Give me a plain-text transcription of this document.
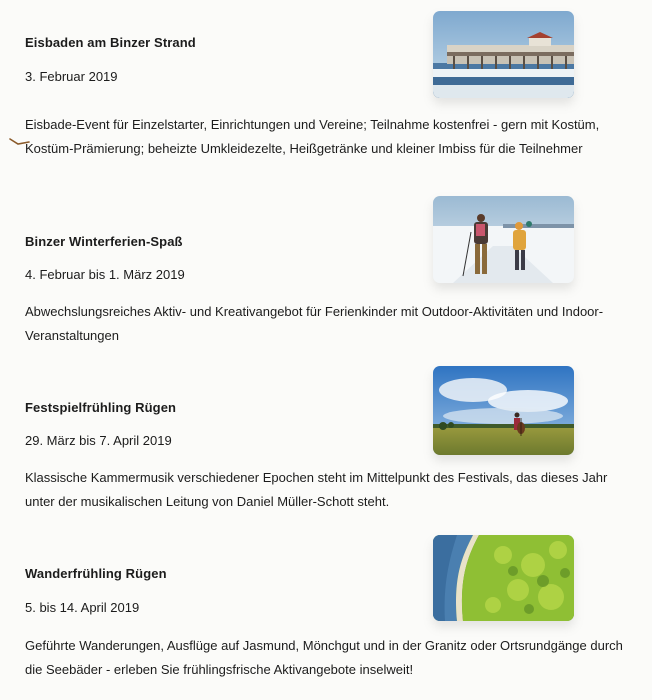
Eisbaden am Binzer Strand
3. Februar 2019
Eisbade-Event für Einzelstarter, Einrichtungen und Vereine; Teilnahme kostenfrei - gern mit Kostüm, Kostüm-Prämierung; beheizte Umkleidezelte, Heißgetränke und kleiner Imbiss für die Teilnehmer
Binzer Winterferien-Spaß
4. Februar bis 1. März 2019
Abwechslungsreiches Aktiv- und Kreativangebot für Ferienkinder mit Outdoor-Aktivitäten und Indoor-Veranstaltungen
Festspielfrühling Rügen
29. März bis 7. April 2019
Klassische Kammermusik verschiedener Epochen steht im Mittelpunkt des Festivals, das dieses Jahr unter der musikalischen Leitung von Daniel Müller-Schott steht.
Wanderfrühling Rügen
5. bis 14. April 2019
Geführte Wanderungen, Ausflüge auf Jasmund, Mönchgut und in der Granitz oder Ortsrundgänge durch die Seebäder - erleben Sie frühlingsfrische Aktivangebote inselweit!
